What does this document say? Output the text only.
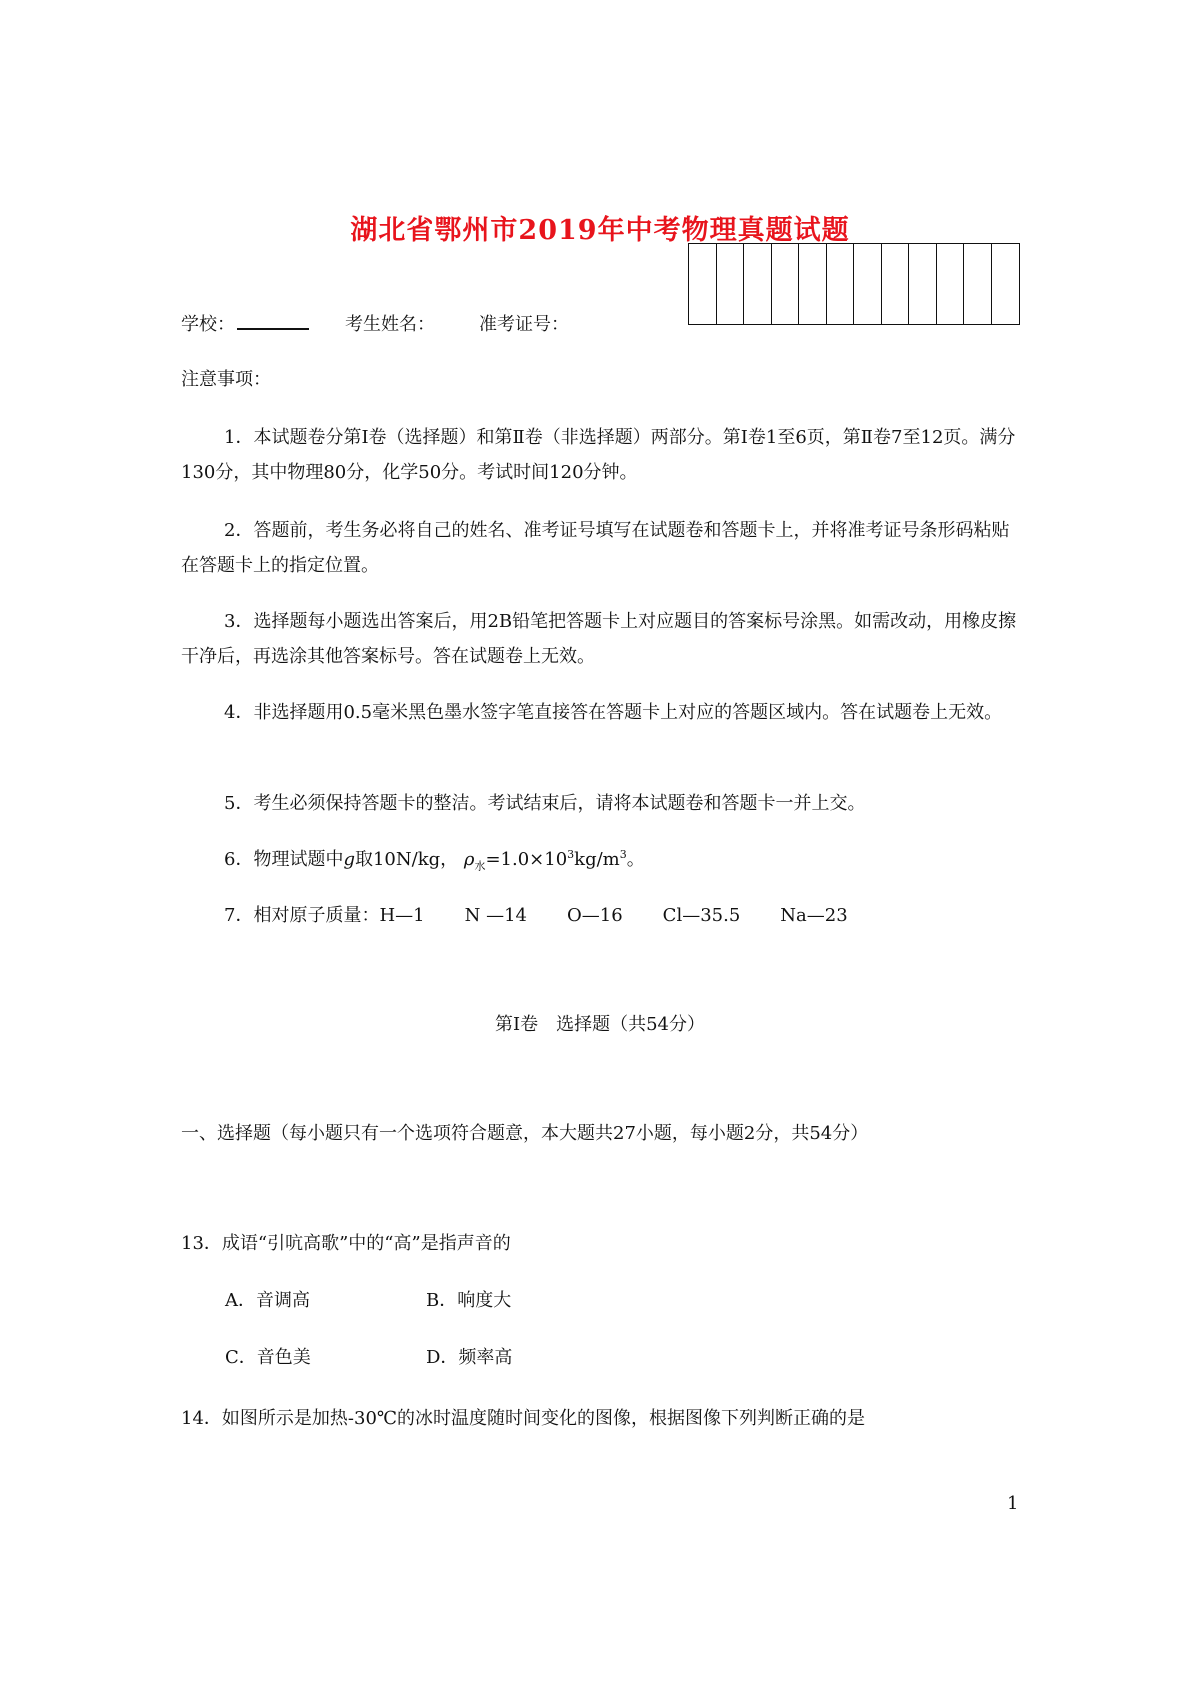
湖北省鄂州市2019年中考物理真题试题
学校：	考生姓名： 准考证号：
注意事项：
1．本试题卷分第Ⅰ卷（选择题）和第Ⅱ卷（非选择题）两部分。第Ⅰ卷1至6页，第Ⅱ卷7至12页。满分130分，其中物理80分，化学50分。考试时间120分钟。
2．答题前，考生务必将自己的姓名、准考证号填写在试题卷和答题卡上，并将准考证号条形码粘贴在答题卡上的指定位置。
3．选择题每小题选出答案后，用2B铅笔把答题卡上对应题目的答案标号涂黑。如需改动，用橡皮擦干净后，再选涂其他答案标号。答在试题卷上无效。
4．非选择题用0.5毫米黑色墨水签字笔直接答在答题卡上对应的答题区域内。答在试题卷上无效。
5．考生必须保持答题卡的整洁。考试结束后，请将本试题卷和答题卡一并上交。
6．物理试题中g取10N/kg， $\rho_水=1.0\times 10^3kg/m^3$。
7．相对原子质量：H—1 N —14 O—16 Cl—35.5 Na—23
第Ⅰ卷　选择题（共54分）
一、选择题（每小题只有一个选项符合题意，本大题共27小题，每小题2分，共54分）
13．成语“引吭高歌”中的“高”是指声音的
A．音调高	B．响度大
C．音色美	D．频率高
14．如图所示是加热-30℃的冰时温度随时间变化的图像，根据图像下列判断正确的是
1
